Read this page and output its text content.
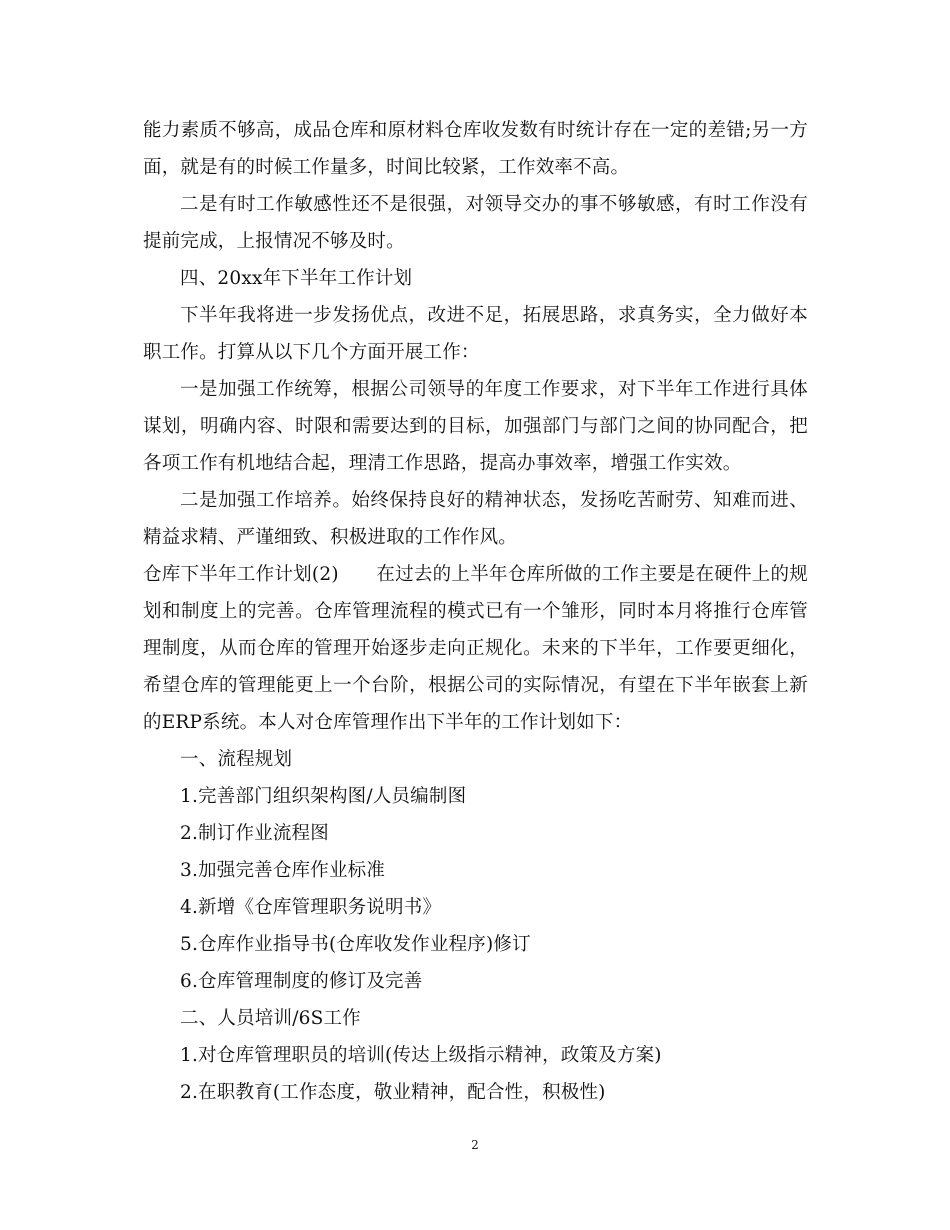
能力素质不够高，成品仓库和原材料仓库收发数有时统计存在一定的差错;另一方面，就是有的时候工作量多，时间比较紧，工作效率不高。

二是有时工作敏感性还不是很强，对领导交办的事不够敏感，有时工作没有提前完成，上报情况不够及时。

四、20xx年下半年工作计划

下半年我将进一步发扬优点，改进不足，拓展思路，求真务实，全力做好本职工作。打算从以下几个方面开展工作：

一是加强工作统筹，根据公司领导的年度工作要求，对下半年工作进行具体谋划，明确内容、时限和需要达到的目标，加强部门与部门之间的协同配合，把各项工作有机地结合起，理清工作思路，提高办事效率，增强工作实效。

二是加强工作培养。始终保持良好的精神状态，发扬吃苦耐劳、知难而进、精益求精、严谨细致、积极进取的工作作风。

仓库下半年工作计划(2)　　在过去的上半年仓库所做的工作主要是在硬件上的规划和制度上的完善。仓库管理流程的模式已有一个雏形，同时本月将推行仓库管理制度，从而仓库的管理开始逐步走向正规化。未来的下半年，工作要更细化，希望仓库的管理能更上一个台阶，根据公司的实际情况，有望在下半年嵌套上新的ERP系统。本人对仓库管理作出下半年的工作计划如下：

一、流程规划

1.完善部门组织架构图/人员编制图

2.制订作业流程图

3.加强完善仓库作业标准

4.新增《仓库管理职务说明书》

5.仓库作业指导书(仓库收发作业程序)修订

6.仓库管理制度的修订及完善

二、人员培训/6S工作

1.对仓库管理职员的培训(传达上级指示精神，政策及方案)

2.在职教育(工作态度，敬业精神，配合性，积极性)

2
